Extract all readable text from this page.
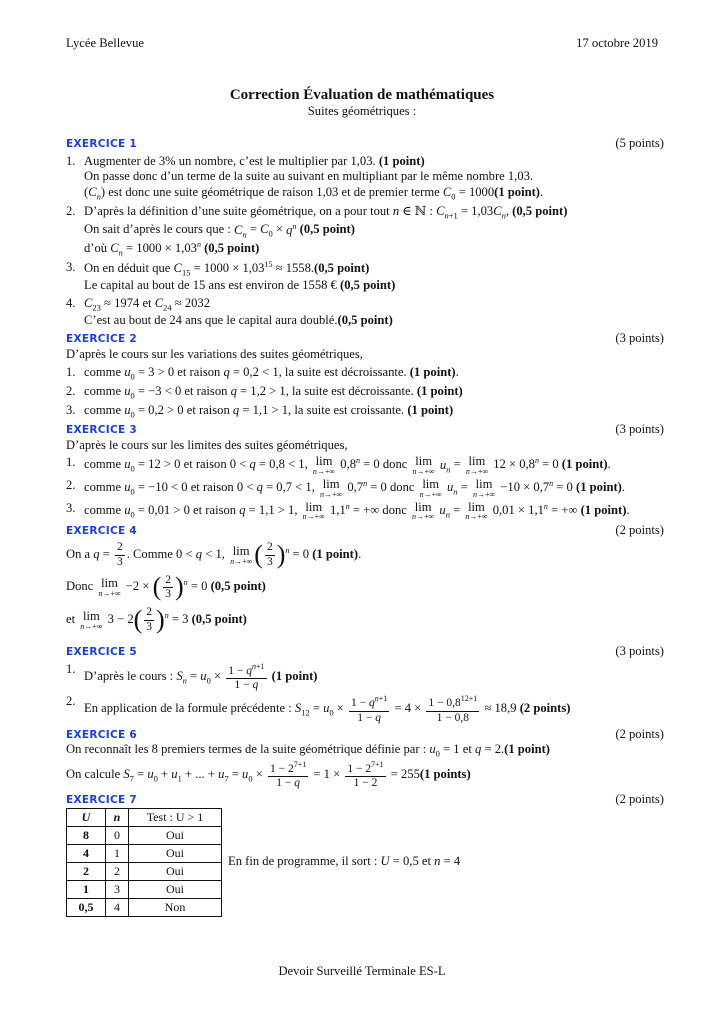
Lycée Bellevue	17 octobre 2019
Correction Évaluation de mathématiques
Suites géométriques :
EXERCICE 1	(5 points)
1. Augmenter de 3% un nombre, c’est le multiplier par 1,03. (1 point)
On passe donc d’un terme de la suite au suivant en multipliant par le même nombre 1,03.
$(C_n)$ est donc une suite géométrique de raison 1,03 et de premier terme $C_0 = 1000(1$ point).
2. D’après la définition d’une suite géométrique, on a pour tout n ∈ ℕ : $C_{n+1} = 1,03C_n$, (0,5 point)
On sait d’après le cours que : $C_n = C_0 \times q^n$ (0,5 point)
d’où $C_n = 1000 \times 1,03^n$ (0,5 point)
3. On en déduit que $C_{15} = 1000 \times 1,03^{15} \approx 1558.(0,5$ point)
Le capital au bout de 15 ans est environ de 1558 € (0,5 point)
4. $C_{23} \approx 1974$ et $C_{24} \approx 2032$
C’est au bout de 24 ans que le capital aura doublé.(0,5 point)
EXERCICE 2	(3 points)
D’après le cours sur les variations des suites géométriques,
1. comme $u_0 = 3 > 0$ et raison q = 0,2 < 1, la suite est décroissante. (1 point).
2. comme $u_0 = -3 < 0$ et raison q = 1,2 > 1, la suite est décroissante. (1 point)
3. comme $u_0 = 0,2 > 0$ et raison q = 1,1 > 1, la suite est croissante. (1 point)
EXERCICE 3	(3 points)
D’après le cours sur les limites des suites géométriques,
1. comme $u_0 = 12 > 0$ et raison 0 < q = 0,8 < 1, lim
n→+∞ $0,8^n = 0$ donc lim
n→+∞ $u_n = \lim$
n→+∞ $12 \times 0,8^n = 0$ (1 point).
2. comme $u_0 = -10 < 0$ et raison 0 < q = 0,7 < 1, lim
n→+∞ $0,7^n = 0$ donc lim
n→+∞ $u_n = \lim$
$n\to+\infty -10 \times 0,7^n = 0$ (1 point).
3. comme $u_0 = 0,01 > 0$ et raison q = 1,1 > 1, lim
n→+∞ $1,1^n$ = +∞ donc lim
n→+∞ $u_n = \lim$
n→+∞ $0,01 \times 1,1^n$ = +∞ (1 point).
EXERCICE 4	(2 points)
On a $q = \frac{2}{3}$ . Comme 0 < q < 1, lim
n→+∞ ( $\frac{2}{3} )^n = 0$ (1 point).
Donc lim
n→+∞ −2 × ( $\frac{2}{3} )^n = 0$ (0,5 point)
et lim
n→+∞ $3 - 2( \frac{2}{3} )^n = 3$ (0,5 point)
EXERCICE 5	(3 points)
1.
D’après le cours : $S_n = u_0 \times \frac{1 - q^{n+1}}{1 - q} (1$ point)
2.
En application de la formule précédente : $S_{12} = u_0 \times \frac{1 - q^{n+1}}{1 - q} = 4 \times \frac{1 - 0,8^{12+1}}{1 - 0,8} \approx 18,9$ (2 points)
EXERCICE 6	(2 points)
On reconnaît les 8 premiers termes de la suite géométrique définie par : $u_0 = 1$ et q = 2.(1 point)
On calcule $S_7 = u_0 + u_1$ + ... + $u_7 = u_0 \times \frac{1 - 2^{7+1}}{1 - q} = 1 \times \frac{1 - 2^{7+1}}{1 - 2} = 255(1$ points)
EXERCICE 7	(2 points)
U	n	Test : U > 1
8	0	Oui
4	1	Oui
2	2	Oui
1	3	Oui
0,5	4	Non
En fin de programme, il sort : U = 0,5 et n = 4
Devoir Surveillé Terminale ES-L
